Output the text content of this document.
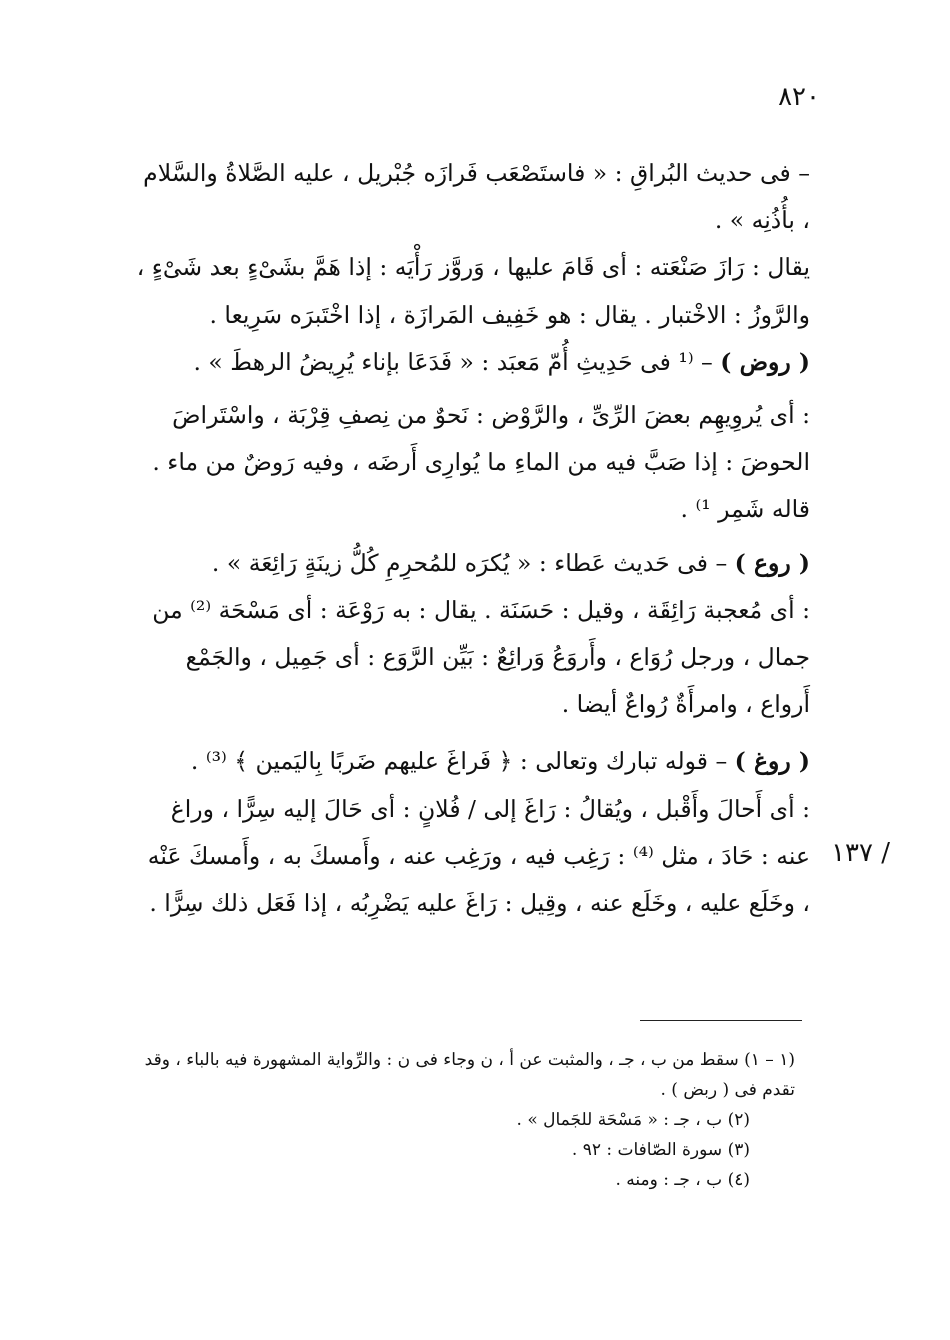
٨٢٠
/ ١٣٧

– فى حديث البُراقِ : « فاستَصْعَب فَرازَه جُبْريل ، عليه الصَّلاةُ والسَّلام ، بأُذُنِه » .

يقال : رَازَ صَنْعَته : أى قَامَ عليها ، وَروَّز رَأْيَه : إذا هَمَّ بشَىْءٍ بعد شَىْءٍ ، والرَّوزُ : الاخْتبار . يقال : هو خَفِيف المَرازَة ، إذا اخْتَبرَه سَرِيعا .

( روض ) – ⁽¹ فى حَدِيثِ أُمّ مَعبَد : « فَدَعَا بإناء يُرِيضُ الرهطَ » .

: أى يُروِيهِم بعضَ الرِّىِّ ، والرَّوْض : نَحوٌ من نِصفِ قِرْبَة ، واسْتَراضَ الحوضَ : إذا صَبَّ فيه من الماءِ ما يُوارِى أَرضَه ، وفيه رَوضٌ من ماء . قاله شَمِر ¹⁾ .

( روع ) – فى حَديث عَطاء : « يُكرَه للمُحرِمِ كُلُّ زينَةٍ رَائِعَة » .

: أى مُعجبة رَائِقَة ، وقيل : حَسَنَة . يقال : به رَوْعَة : أى مَسْحَة ⁽²⁾ من جمال ، ورجل رُوَاع ، وأَروَعُ وَرائِعٌ : بَيِّن الرَّوَع : أى جَمِيل ، والجَمْع أَرواع ، وامرأَةٌ رُواعٌ أيضا .

( روغ ) – قوله تبارك وتعالى : ﴿ فَراغَ عليهم ضَربًا بِاليَمين ﴾ ⁽³⁾ .

: أى أَحالَ وأَقْبل ، ويُقالُ : رَاغَ إلى / فُلانٍ : أى حَالَ إليه سِرًّا ، وراغ عنه : حَادَ ، مثل ⁽⁴⁾ : رَغِب فيه ، ورَغِب عنه ، وأَمسكَ به ، وأَمسكَ عَنْه ، وخَلَع عليه ، وخَلَع عنه ، وقِيل : رَاغَ عليه يَضْرِبُه ، إذا فَعَل ذلك سِرًّا .

(١ – ١) سقط من ب ، جـ ، والمثبت عن أ ، ن وجاء فى ن : والرِّواية المشهورة فيه بالباء ، وقد تقدم فى ( ربض ) .

(٢) ب ، جـ : « مَسْحَة للجَمال » .

(٣) سورة الصّافات : ٩٢ .

(٤) ب ، جـ : ومنه .
